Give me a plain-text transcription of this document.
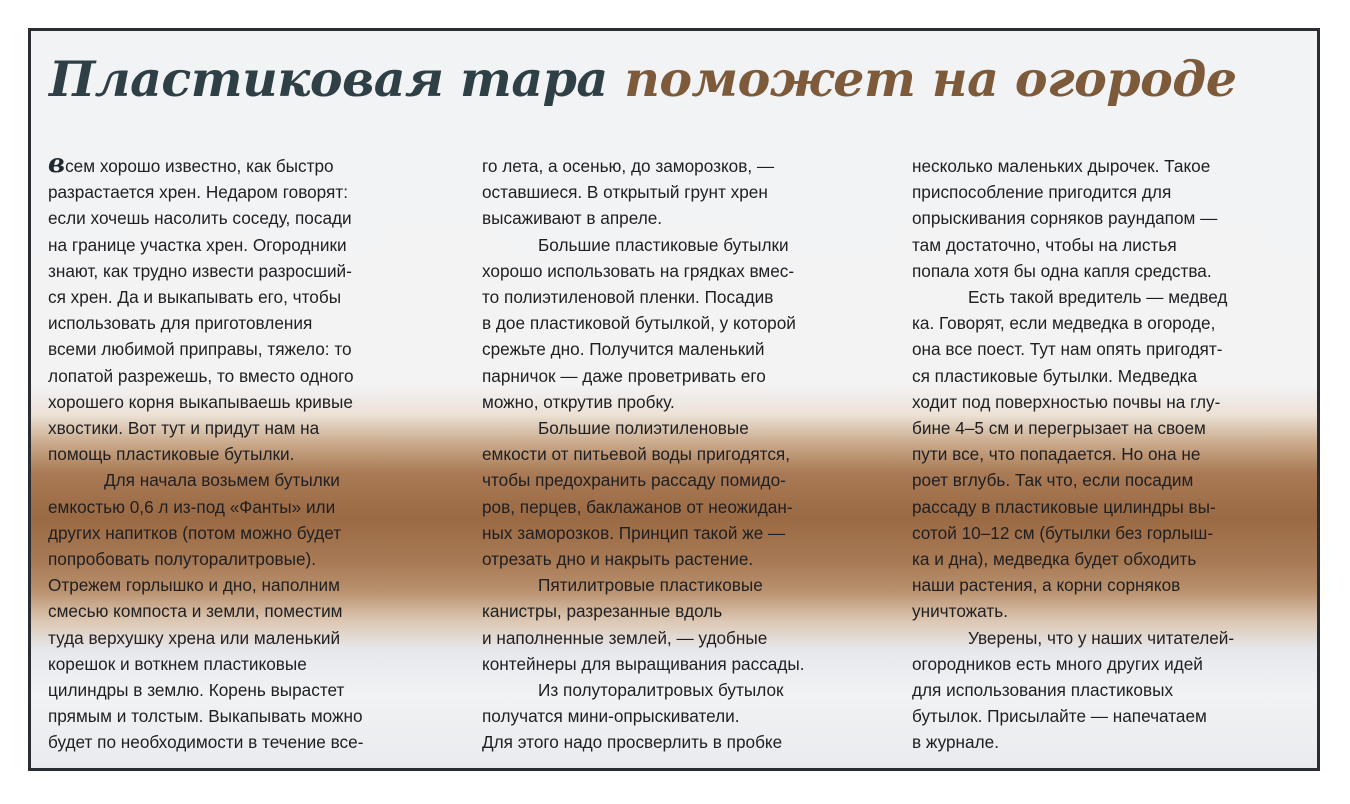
Пластиковая тара поможет на огороде

всем хорошо известно, как быстро

разрастается хрен. Недаром говорят:

если хочешь насолить соседу, посади

на границе участка хрен. Огородники

знают, как трудно извести разросший-

ся хрен. Да и выкапывать его, чтобы

использовать для приготовления

всеми любимой приправы, тяжело: то

лопатой разрежешь, то вместо одного

хорошего корня выкапываешь кривые

хвостики. Вот тут и придут нам на

помощь пластиковые бутылки.

Для начала возьмем бутылки

емкостью 0,6 л из-под «Фанты» или

других напитков (потом можно будет

попробовать полуторалитровые).

Отрежем горлышко и дно, наполним

смесью компоста и земли, поместим

туда верхушку хрена или маленький

корешок и воткнем пластиковые

цилиндры в землю. Корень вырастет

прямым и толстым. Выкапывать можно

будет по необходимости в течение все-

го лета, а осенью, до заморозков, —

оставшиеся. В открытый грунт хрен

высаживают в апреле.

Большие пластиковые бутылки

хорошо использовать на грядках вмес-

то полиэтиленовой пленки. Посадив

в дое пластиковой бутылкой, у которой

срежьте дно. Получится маленький

парничок — даже проветривать его

можно, открутив пробку.

Большие полиэтиленовые

емкости от питьевой воды пригодятся,

чтобы предохранить рассаду помидо-

ров, перцев, баклажанов от неожидан-

ных заморозков. Принцип такой же —

отрезать дно и накрыть растение.

Пятилитровые пластиковые

канистры, разрезанные вдоль

и наполненные землей, — удобные

контейнеры для выращивания рассады.

Из полуторалитровых бутылок

получатся мини-опрыскиватели.

Для этого надо просверлить в пробке

несколько маленьких дырочек. Такое

приспособление пригодится для

опрыскивания сорняков раундапом —

там достаточно, чтобы на листья

попала хотя бы одна капля средства.

Есть такой вредитель — медвед

ка. Говорят, если медведка в огороде,

она все поест. Тут нам опять пригодят-

ся пластиковые бутылки. Медведка

ходит под поверхностью почвы на глу-

бине 4–5 см и перегрызает на своем

пути все, что попадается. Но она не

роет вглубь. Так что, если посадим

рассаду в пластиковые цилиндры вы-

сотой 10–12 см (бутылки без горлыш-

ка и дна), медведка будет обходить

наши растения, а корни сорняков

уничтожать.

Уверены, что у наших читателей-

огородников есть много других идей

для использования пластиковых

бутылок. Присылайте — напечатаем

в журнале.
